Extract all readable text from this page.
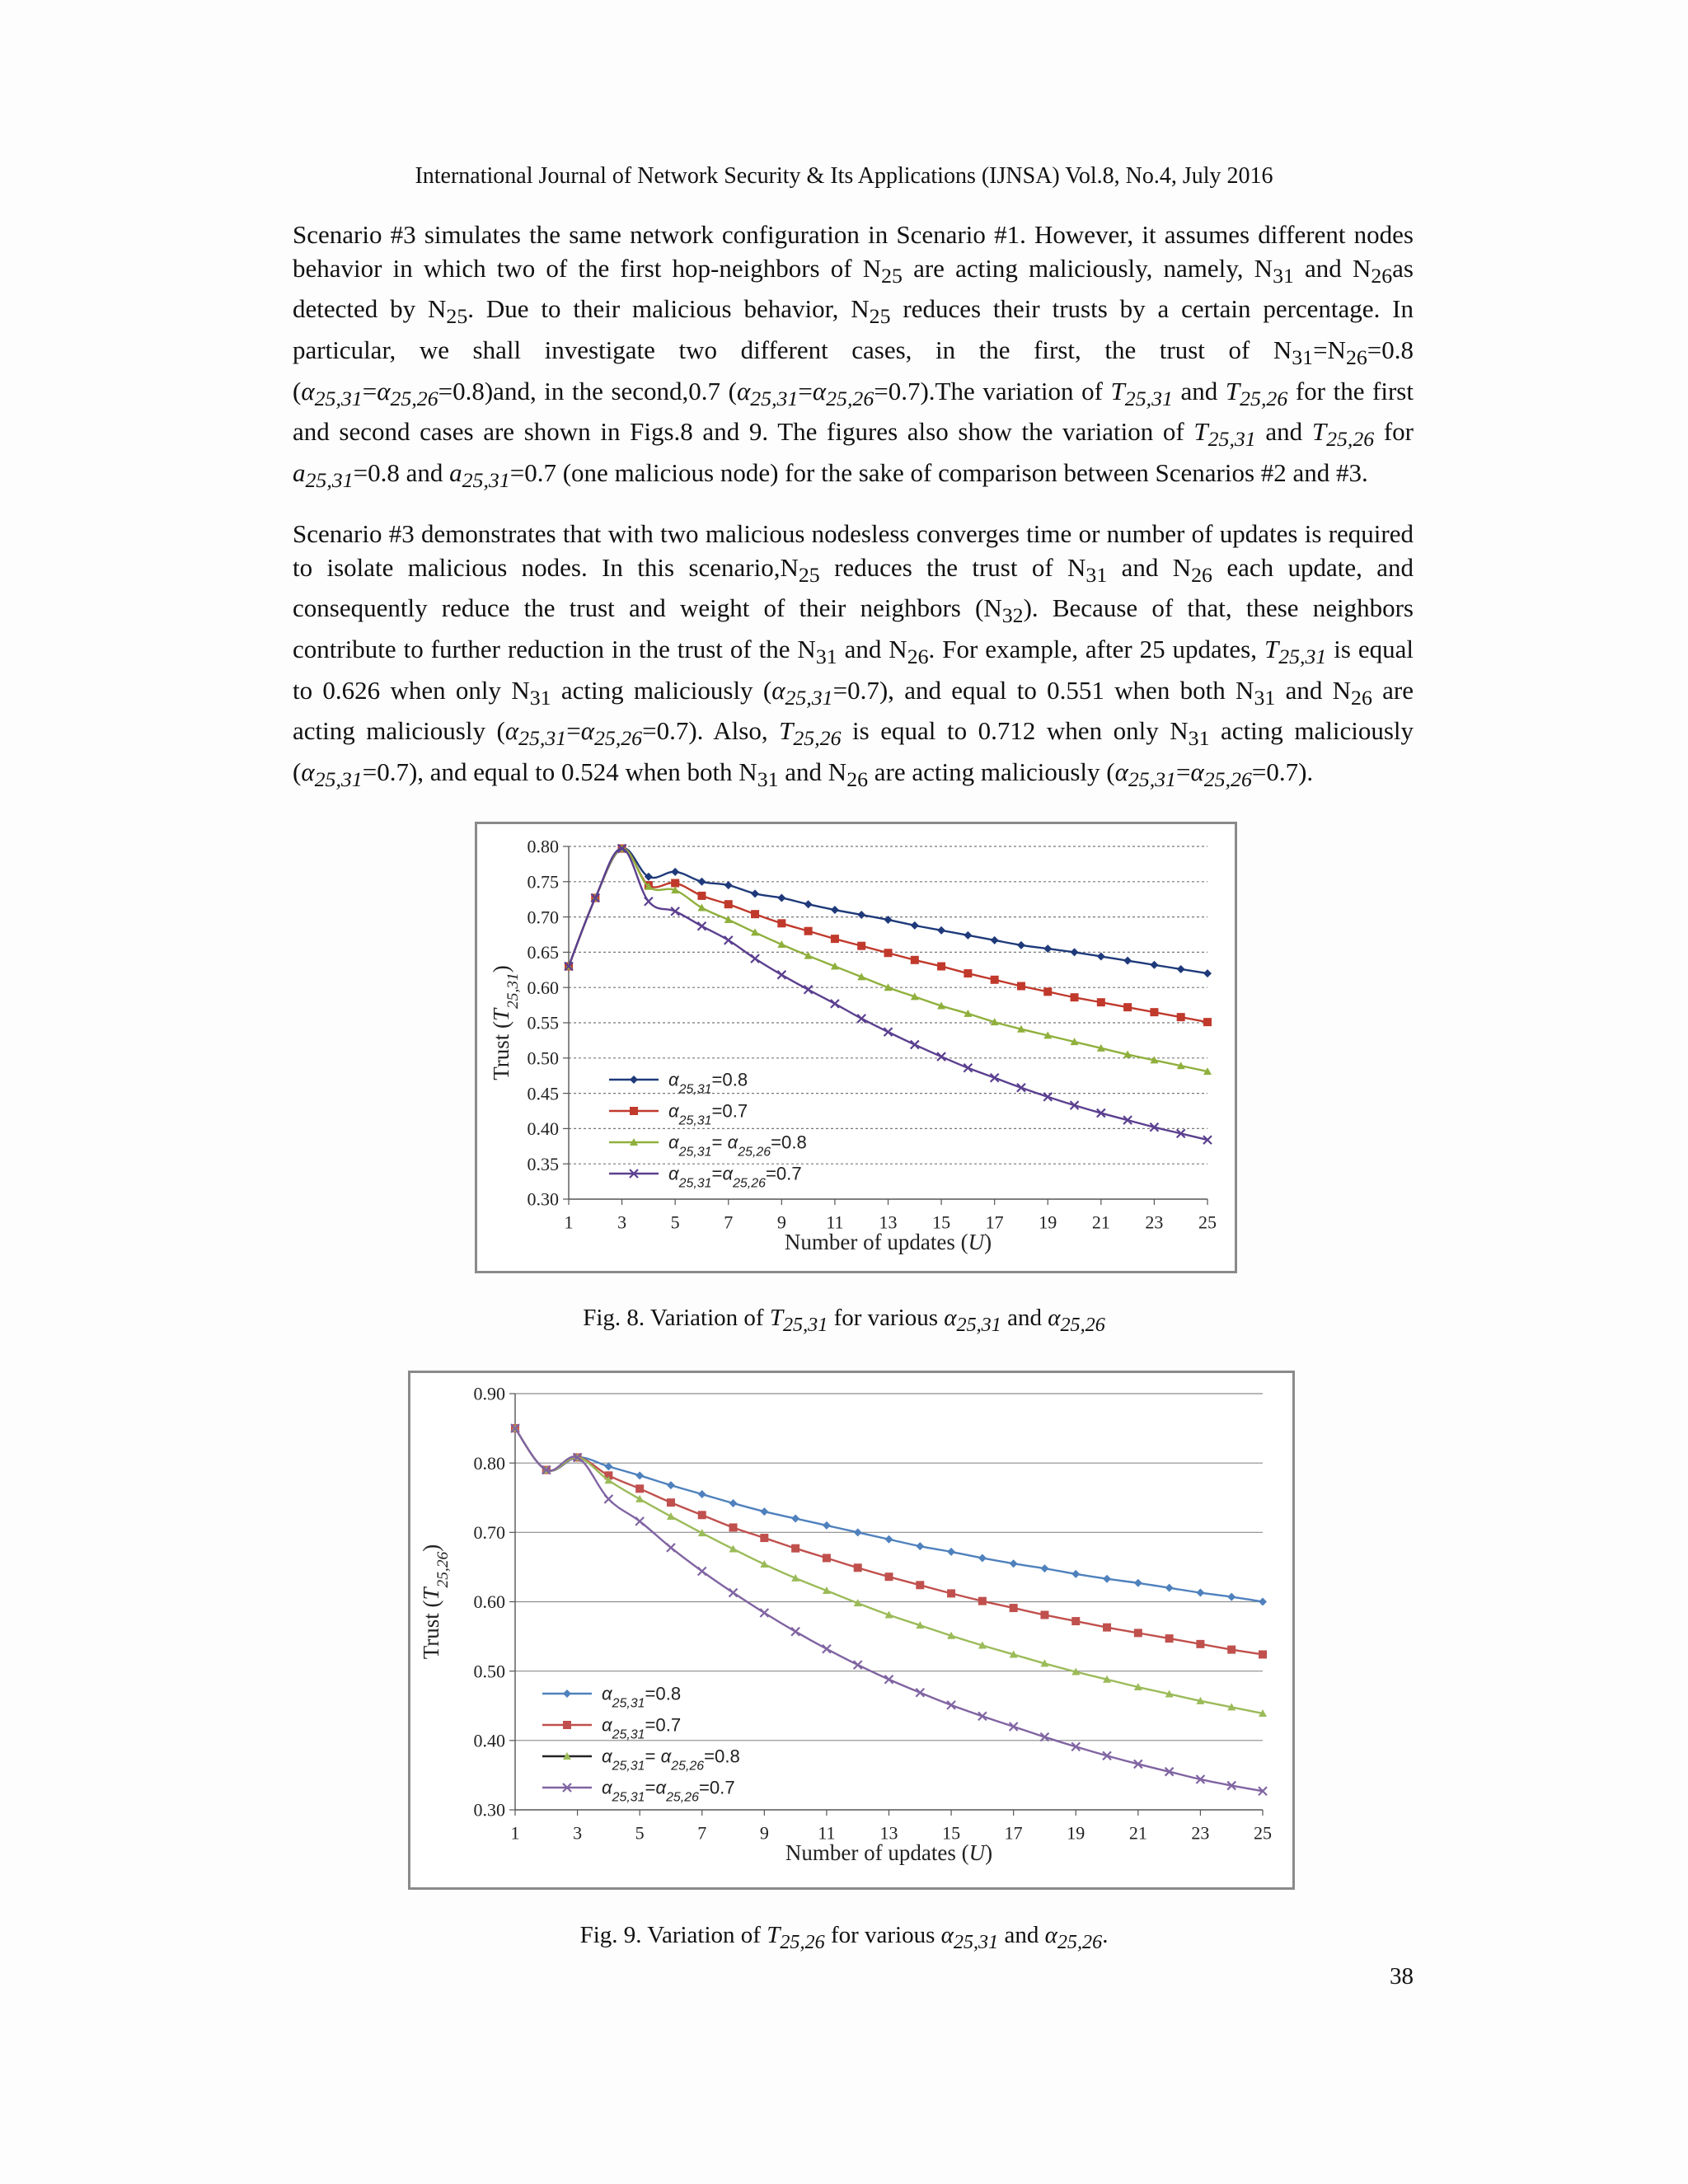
International Journal of Network Security & Its Applications (IJNSA) Vol.8, No.4, July 2016
Scenario #3 simulates the same network configuration in Scenario #1. However, it assumes different nodes behavior in which two of the first hop-neighbors of $N_{25}$ are acting maliciously, namely, $N_{31}$ and $N_{26}as$ detected by $N_{25}$. Due to their malicious behavior, $N_{25}$ reduces their trusts by a certain percentage. In particular, we shall investigate two different cases, in the first, the trust of $N_{31}=N_{26}=0.8$ $(\alpha_{25,31}=\alpha_{25,26}=0.8)and$, in the second,0.7 $(\alpha_{25,31}=\alpha_{25,26}=0.7).The$ variation of $T_{25,31}$ and $T_{25,26}$ for the first and second cases are shown in Figs.8 and 9. The figures also show the variation of $T_{25,31}$ and $T_{25,26}$ for $a_{25,31}=0.8$ and $a_{25,31}=0.7$ (one malicious node) for the sake of comparison between Scenarios #2 and #3.
Scenario #3 demonstrates that with two malicious nodesless converges time or number of updates is required to isolate malicious nodes. In this $scenario,N_{25}$ reduces the trust of $N_{31}$ and $N_{26}$ each update, and consequently reduce the trust and weight of their neighbors $(N_{32})$. Because of that, these neighbors contribute to further reduction in the trust of the $N_{31}$ and $N_{26}$. For example, after 25 updates, $T_{25,31}$ is equal to 0.626 when only $N_{31}$ acting maliciously $(\alpha_{25,31}=0.7)$, and equal to 0.551 when both $N_{31}$ and $N_{26}$ are acting maliciously $(\alpha_{25,31}=\alpha_{25,26}=0.7)$. Also, $T_{25,26}$ is equal to 0.712 when only $N_{31}$ acting maliciously $(\alpha_{25,31}=0.7)$, and equal to 0.524 when both $N_{31}$ and $N_{26}$ are acting maliciously $(\alpha_{25,31}=\alpha_{25,26}=0.7)$.
0.30
0.35
0.40
0.45
0.50
0.55
0.60
0.65
0.70
0.75
0.80
1 3 5 7 9 11 13 15 17 19 21 23 25
Number of updates (U)
Trust $(T_{25,31})$
$\alpha_{25,31}=0.8$
$\alpha_{25,31}=0.7$
$\alpha_{25,31}= \alpha_{25,26}=0.8$
$\alpha_{25,31}=\alpha_{25,26}=0.7$
Fig. 8. Variation of $T_{25,31}$ for various $\alpha_{25,31}$ and $\alpha_{25,26}$
0.30
0.40
0.50
0.60
0.70
0.80
0.90
1	3	5	7	9	11 13 15 17 19 21 23 25
Number of updates (U)
Trust $(T_{25,26})$
$\alpha_{25,31}=0.8$
$\alpha_{25,31}=0.7$
$\alpha_{25,31}= \alpha_{25,26}=0.8$
$\alpha_{25,31}=\alpha_{25,26}=0.7$
Fig. 9. Variation of $T_{25,26}$ for various $\alpha_{25,31}$ and $\alpha_{25,26}$.
38
